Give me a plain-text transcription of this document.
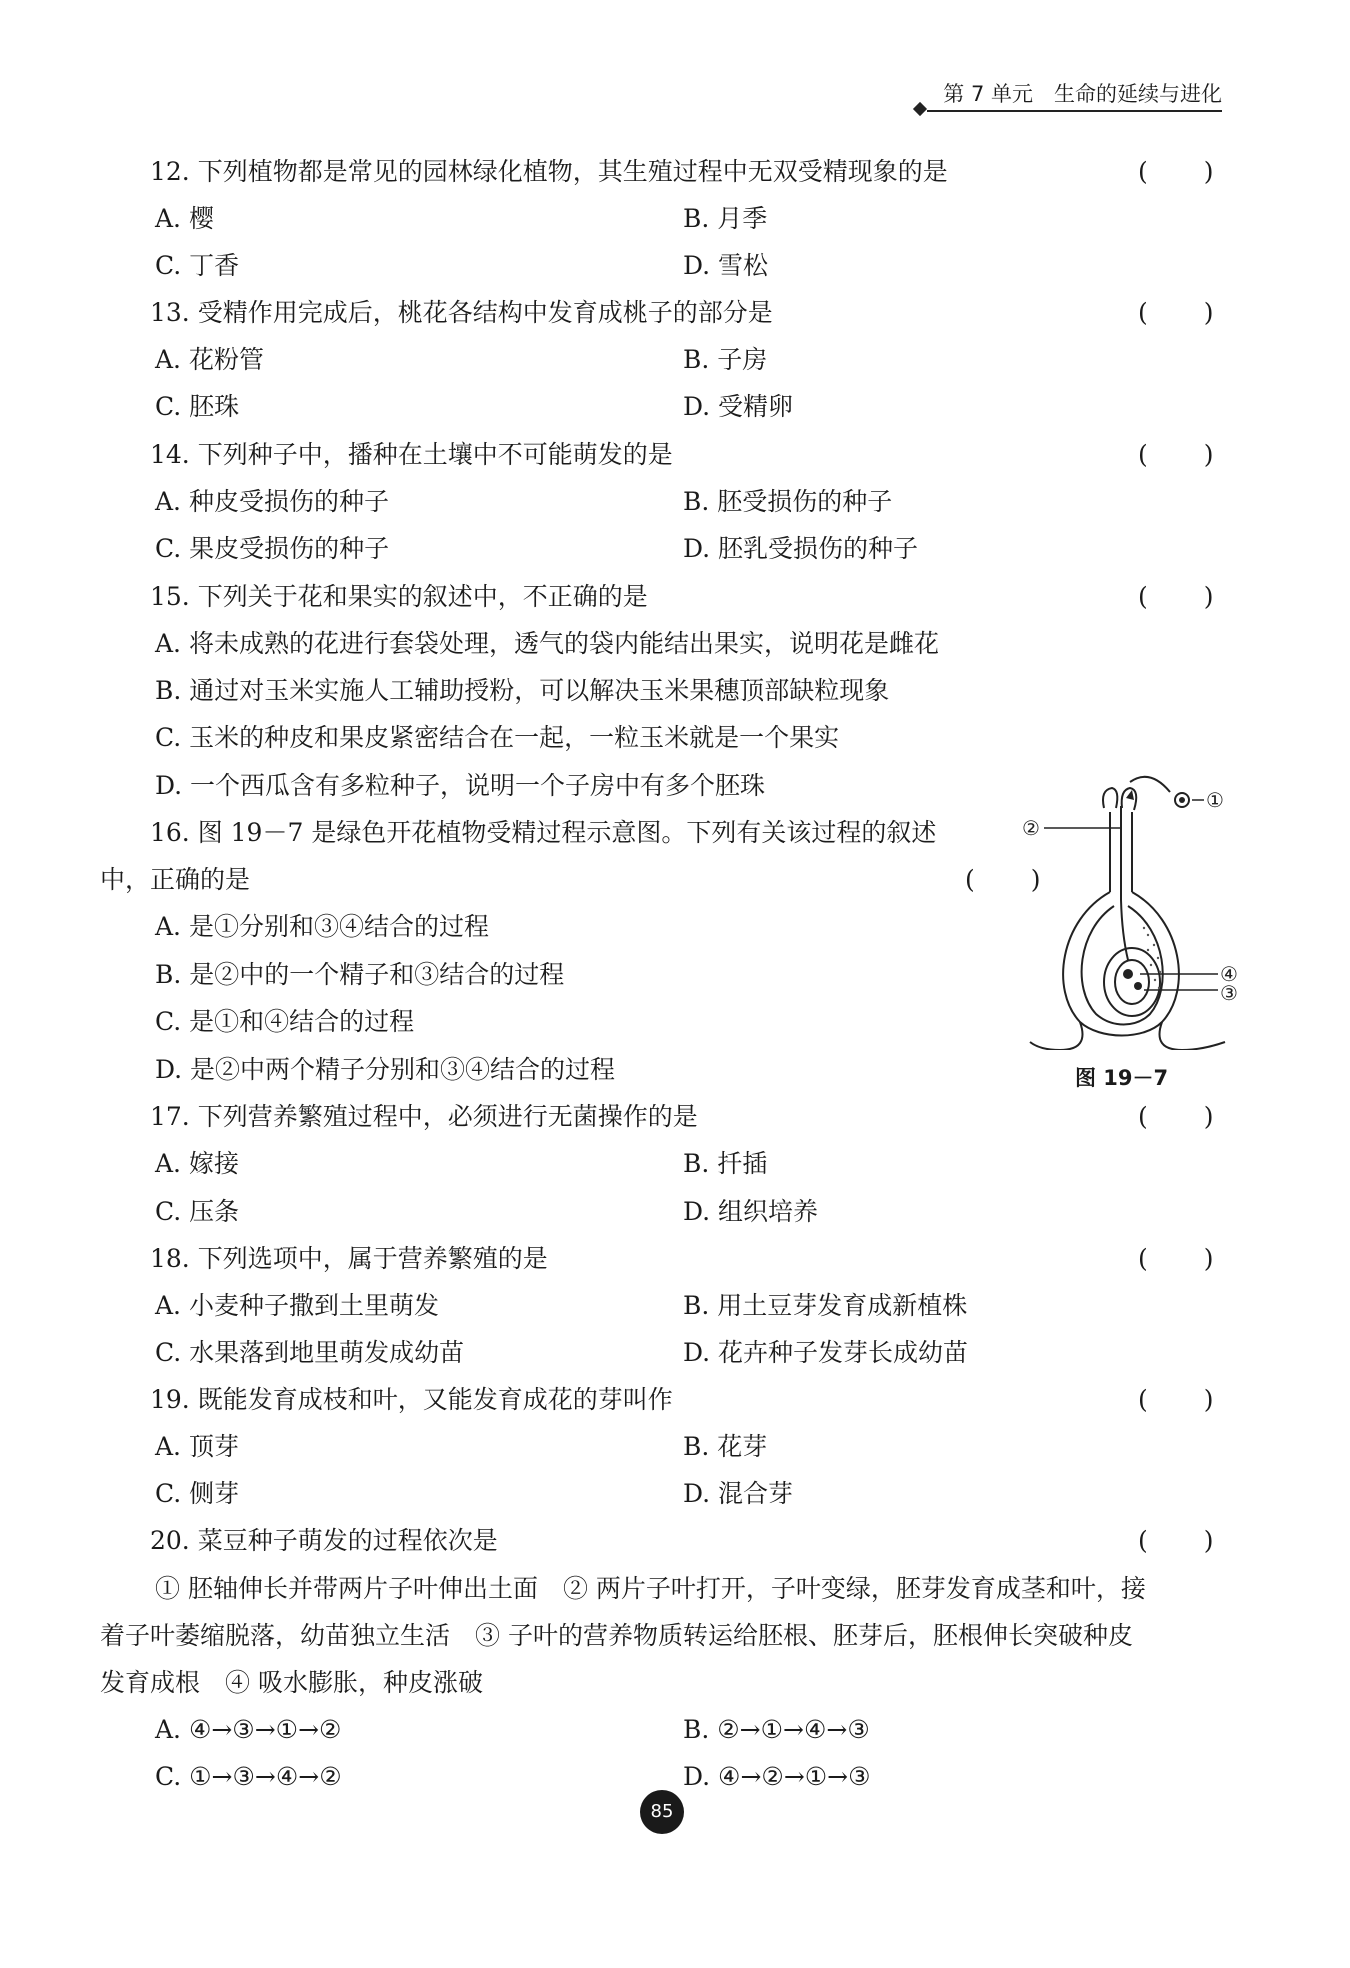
第 7 单元　生命的延续与进化
12. 下列植物都是常见的园林绿化植物，其生殖过程中无双受精现象的是	(　　)
A. 樱	B. 月季
C. 丁香	D. 雪松
13. 受精作用完成后，桃花各结构中发育成桃子的部分是	(　　)
A. 花粉管	B. 子房
C. 胚珠	D. 受精卵
14. 下列种子中，播种在土壤中不可能萌发的是	(　　)
A. 种皮受损伤的种子	B. 胚受损伤的种子
C. 果皮受损伤的种子	D. 胚乳受损伤的种子
15. 下列关于花和果实的叙述中，不正确的是	(　　)
A. 将未成熟的花进行套袋处理，透气的袋内能结出果实，说明花是雌花
B. 通过对玉米实施人工辅助授粉，可以解决玉米果穗顶部缺粒现象
C. 玉米的种皮和果皮紧密结合在一起，一粒玉米就是一个果实
D. 一个西瓜含有多粒种子，说明一个子房中有多个胚珠
16. 图 19－7 是绿色开花植物受精过程示意图。下列有关该过程的叙述
中，正确的是	(　　)
A. 是①分别和③④结合的过程
B. 是②中的一个精子和③结合的过程
C. 是①和④结合的过程
D. 是②中两个精子分别和③④结合的过程
①
②
④
③
图 19－7
17. 下列营养繁殖过程中，必须进行无菌操作的是	(　　)
A. 嫁接	B. 扦插
C. 压条	D. 组织培养
18. 下列选项中，属于营养繁殖的是	(　　)
A. 小麦种子撒到土里萌发	B. 用土豆芽发育成新植株
C. 水果落到地里萌发成幼苗	D. 花卉种子发芽长成幼苗
19. 既能发育成枝和叶，又能发育成花的芽叫作	(　　)
A. 顶芽	B. 花芽
C. 侧芽	D. 混合芽
20. 菜豆种子萌发的过程依次是	(　　)
① 胚轴伸长并带两片子叶伸出土面　② 两片子叶打开，子叶变绿，胚芽发育成茎和叶，接
着子叶萎缩脱落，幼苗独立生活　③ 子叶的营养物质转运给胚根、胚芽后，胚根伸长突破种皮
发育成根　④ 吸水膨胀，种皮涨破
A. ④→③→①→②	B. ②→①→④→③
C. ①→③→④→②	D. ④→②→①→③
85
